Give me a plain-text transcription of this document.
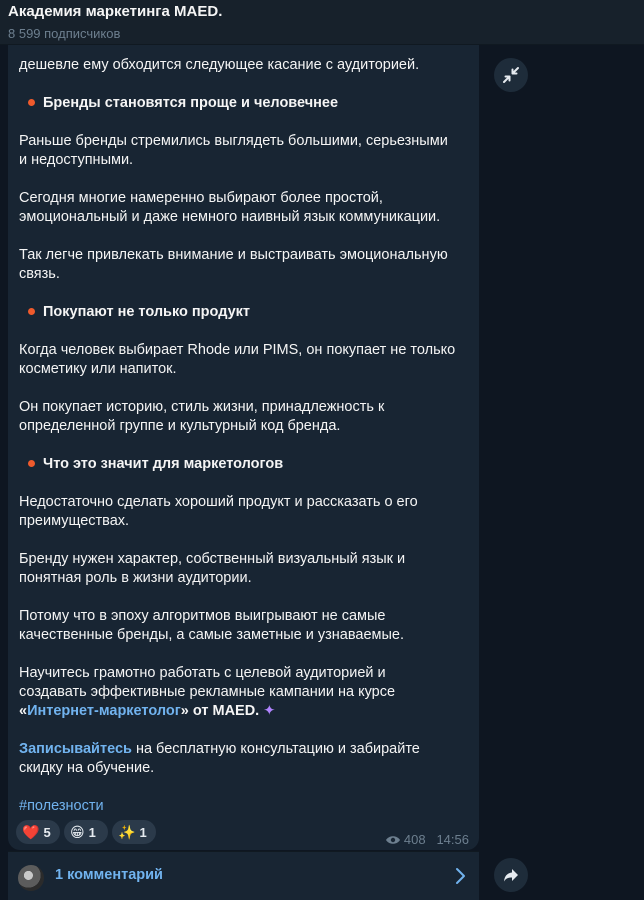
Академия маркетинга MAED.
8 599 подписчиков
дешевле ему обходится следующее касание с аудиторией.
Бренды становятся проще и человечнее
Раньше бренды стремились выглядеть большими, серьезными
и недоступными.
Сегодня многие намеренно выбирают более простой,
эмоциональный и даже немного наивный язык коммуникации.
Так легче привлекать внимание и выстраивать эмоциональную
связь.
Покупают не только продукт
Когда человек выбирает Rhode или PIMS, он покупает не только
косметику или напиток.
Он покупает историю, стиль жизни, принадлежность к
определенной группе и культурный код бренда.
Что это значит для маркетологов
Недостаточно сделать хороший продукт и рассказать о его
преимуществах.
Бренду нужен характер, собственный визуальный язык и
понятная роль в жизни аудитории.
Потому что в эпоху алгоритмов выигрывают не самые
качественные бренды, а самые заметные и узнаваемые.
Научитесь грамотно работать с целевой аудиторией и
создавать эффективные рекламные кампании на курсе
«Интернет-маркетолог» от MAED. ✦
Записывайтесь на бесплатную консультацию и забирайте
скидку на обучение.
#полезности
❤️ 5	😁 1	✨ 1	408 14:56
1 комментарий
